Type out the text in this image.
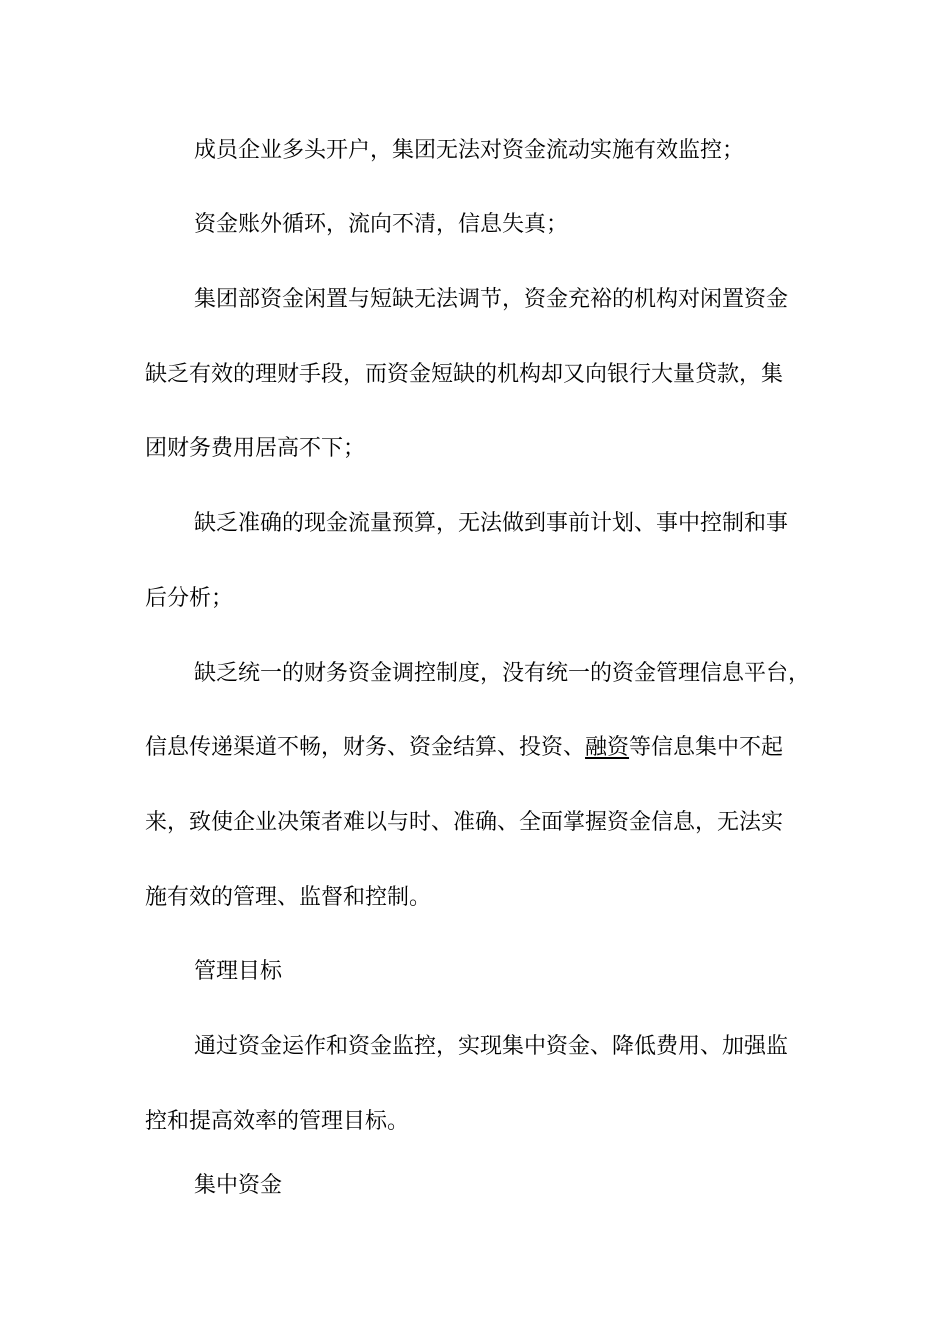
成员企业多头开户，集团无法对资金流动实施有效监控；
资金账外循环，流向不清，信息失真；
集团部资金闲置与短缺无法调节，资金充裕的机构对闲置资金
缺乏有效的理财手段，而资金短缺的机构却又向银行大量贷款，集
团财务费用居高不下；
缺乏准确的现金流量预算，无法做到事前计划、事中控制和事
后分析；
缺乏统一的财务资金调控制度，没有统一的资金管理信息平台，
信息传递渠道不畅，财务、资金结算、投资、融资等信息集中不起
来，致使企业决策者难以与时、准确、全面掌握资金信息，无法实
施有效的管理、监督和控制。
管理目标
通过资金运作和资金监控，实现集中资金、降低费用、加强监
控和提高效率的管理目标。
集中资金
